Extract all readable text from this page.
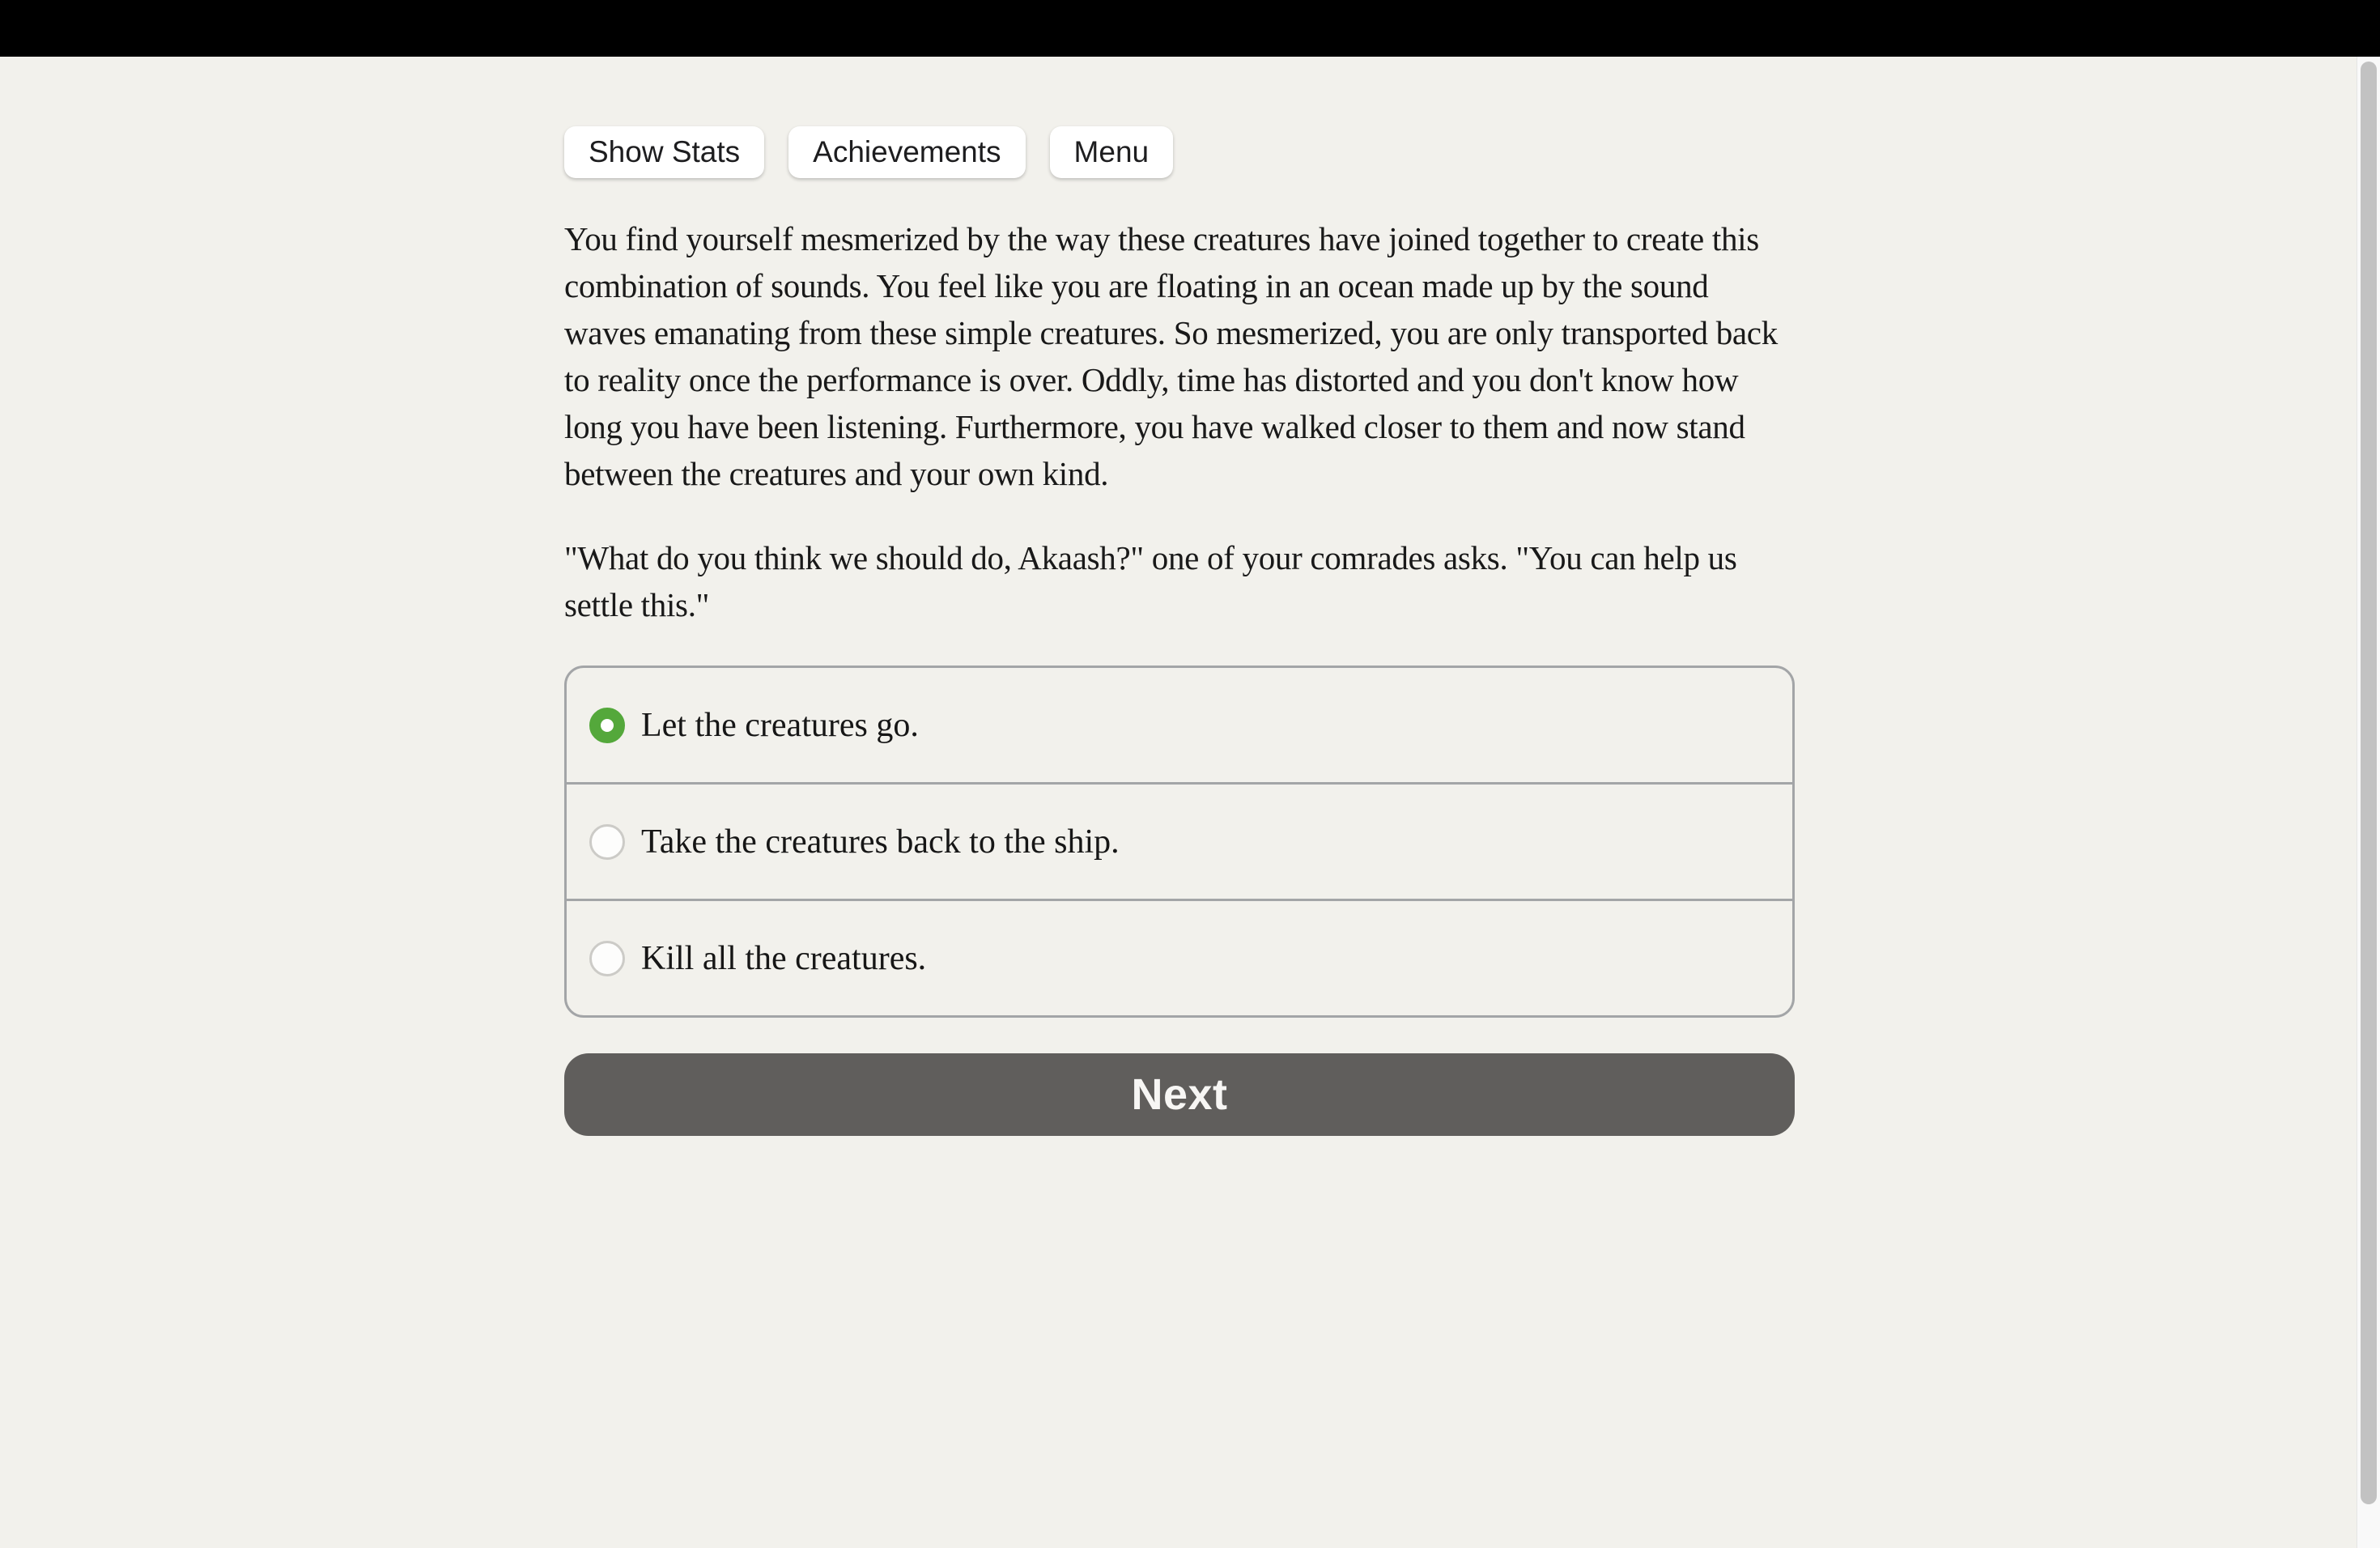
Show Stats	Achievements	Menu

You find yourself mesmerized by the way these creatures have joined together to create this combination of sounds. You feel like you are floating in an ocean made up by the sound waves emanating from these simple creatures. So mesmerized, you are only transported back to reality once the performance is over. Oddly, time has distorted and you don't know how long you have been listening. Furthermore, you have walked closer to them and now stand between the creatures and your own kind.

"What do you think we should do, Akaash?" one of your comrades asks. "You can help us settle this."

Let the creatures go.
Take the creatures back to the ship.
Kill all the creatures.
Next
